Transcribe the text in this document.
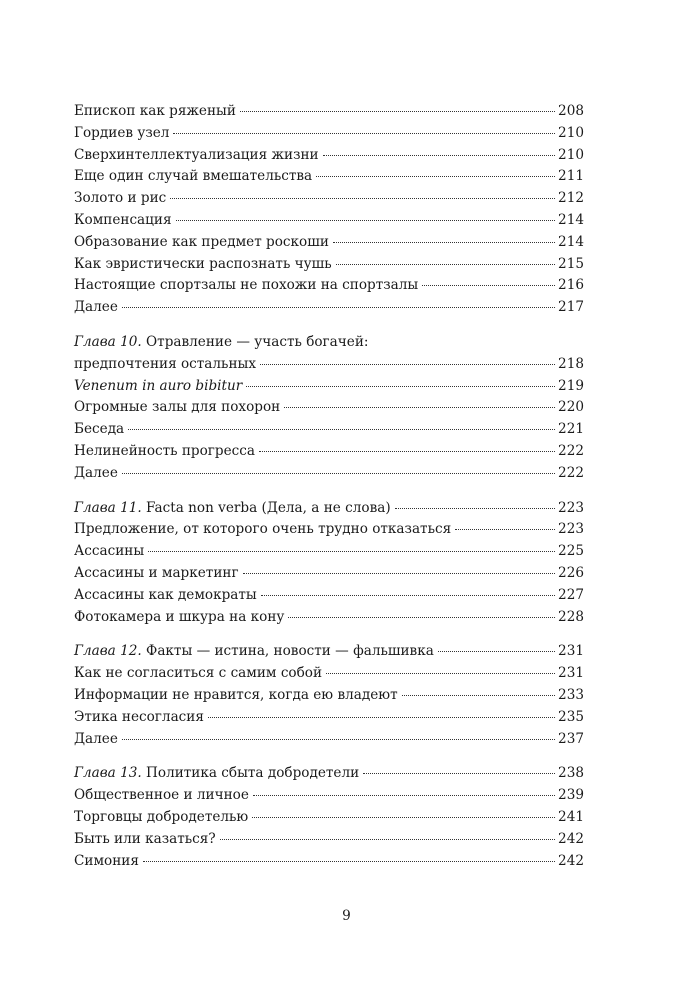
Епископ как ряженый	208
Гордиев узел	210
Сверхинтеллектуализация жизни	210
Еще один случай вмешательства	211
Золото и рис	212
Компенсация	214
Образование как предмет роскоши	214
Как эвристически распознать чушь	215
Настоящие спортзалы не похожи на спортзалы	216
Далее	217
Глава 10. Отравление — участь богачей:
предпочтения остальных	218
Venenum in auro bibitur	219
Огромные залы для похорон	220
Беседа	221
Нелинейность прогресса	222
Далее	222
Глава 11. Facta non verba (Дела, а не слова)	223
Предложение, от которого очень трудно отказаться	223
Ассасины	225
Ассасины и маркетинг	226
Ассасины как демократы	227
Фотокамера и шкура на кону	228
Глава 12. Факты — истина, новости — фальшивка	231
Как не согласиться с самим собой	231
Информации не нравится, когда ею владеют	233
Этика несогласия	235
Далее	237
Глава 13. Политика сбыта добродетели	238
Общественное и личное	239
Торговцы добродетелью	241
Быть или казаться?	242
Симония	242
9
